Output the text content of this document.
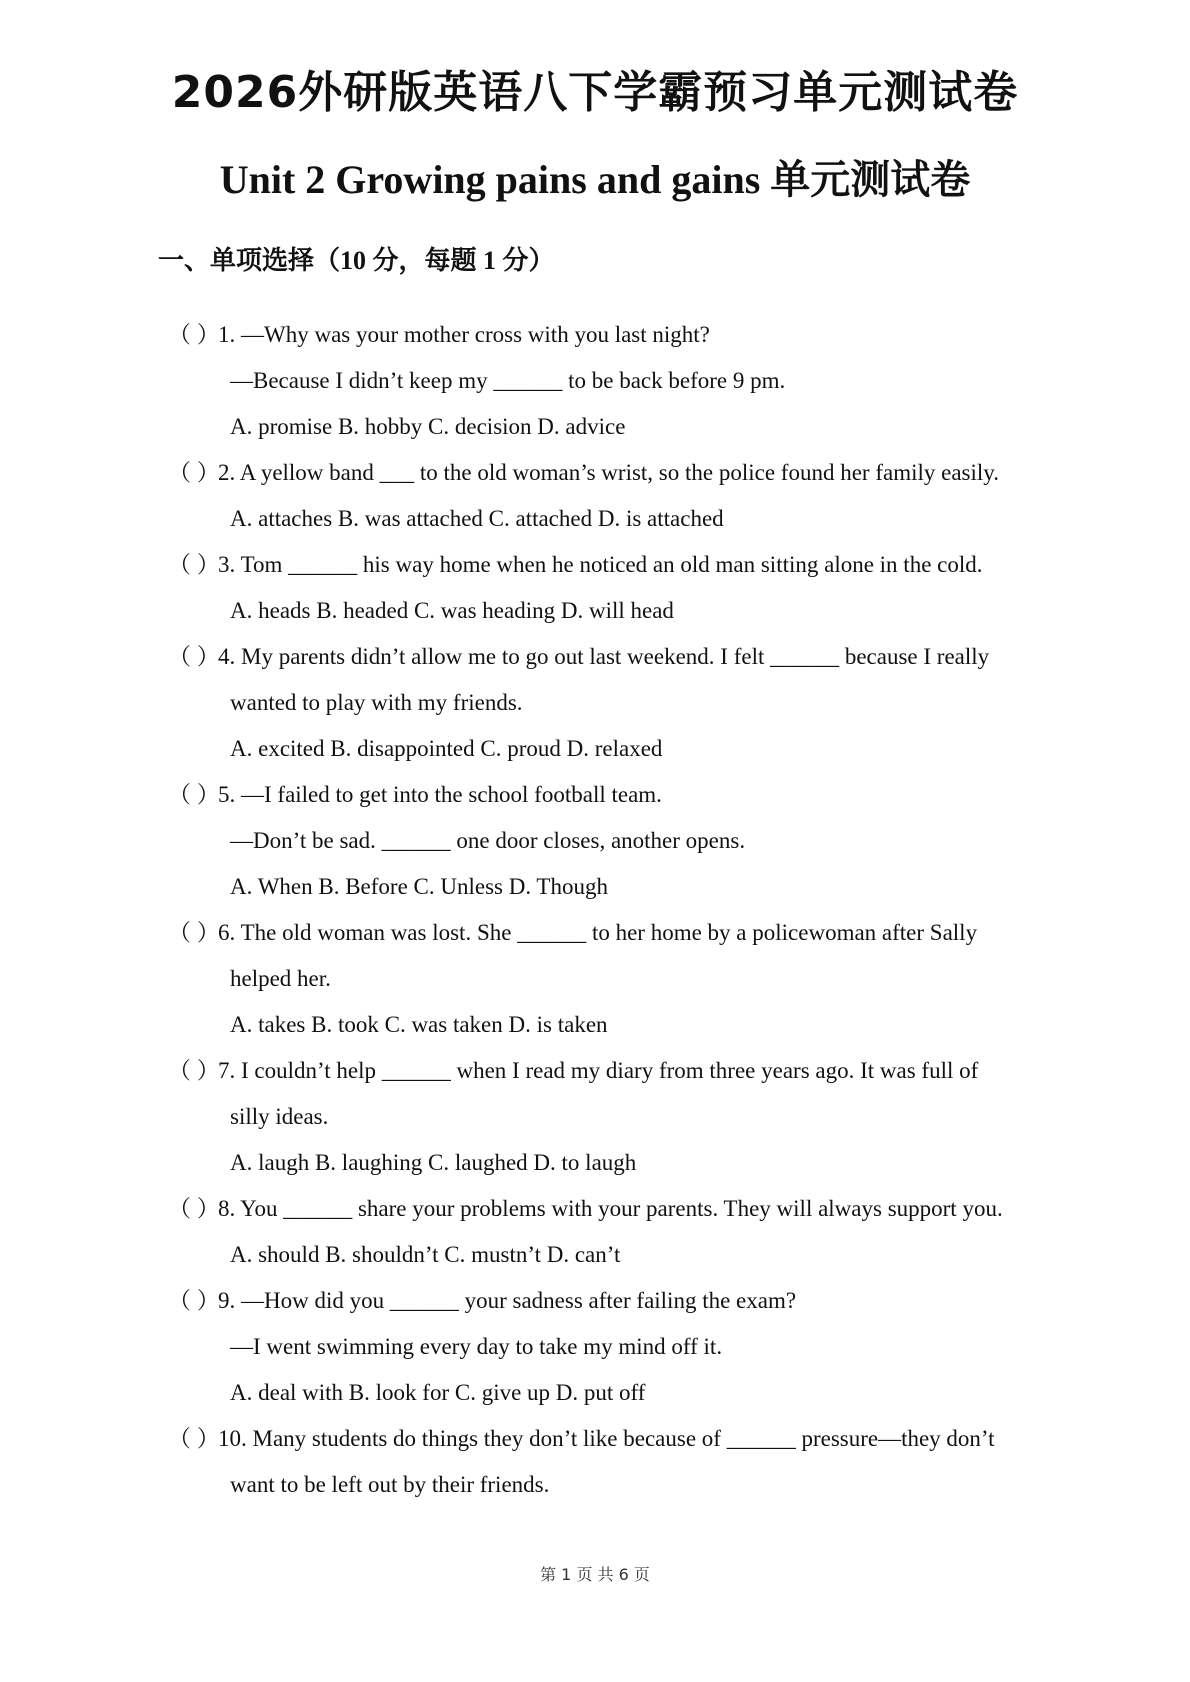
2026外研版英语八下学霸预习单元测试卷
Unit 2 Growing pains and gains 单元测试卷
一、单项选择（10 分，每题 1 分）
（ ）
1. —Why was your mother cross with you last night?
—Because I didn’t keep my ______ to be back before 9 pm.
A. promise B. hobby C. decision D. advice
（ ）
2. A yellow band ___ to the old woman’s wrist, so the police found her family easily.
A. attaches B. was attached C. attached D. is attached
（ ）
3. Tom ______ his way home when he noticed an old man sitting alone in the cold.
A. heads B. headed C. was heading D. will head
（ ）
4. My parents didn’t allow me to go out last weekend. I felt ______ because I really
wanted to play with my friends.
A. excited B. disappointed C. proud D. relaxed
（ ）
5. —I failed to get into the school football team.
—Don’t be sad. ______ one door closes, another opens.
A. When B. Before C. Unless D. Though
（ ）
6. The old woman was lost. She ______ to her home by a policewoman after Sally
helped her.
A. takes B. took C. was taken D. is taken
（ ）
7. I couldn’t help ______ when I read my diary from three years ago. It was full of
silly ideas.
A. laugh B. laughing C. laughed D. to laugh
（ ）
8. You ______ share your problems with your parents. They will always support you.
A. should B. shouldn’t C. mustn’t D. can’t
（ ）
9. —How did you ______ your sadness after failing the exam?
—I went swimming every day to take my mind off it.
A. deal with B. look for C. give up D. put off
（ ）
10. Many students do things they don’t like because of ______ pressure—they don’t
want to be left out by their friends.
第 1 页 共 6 页
